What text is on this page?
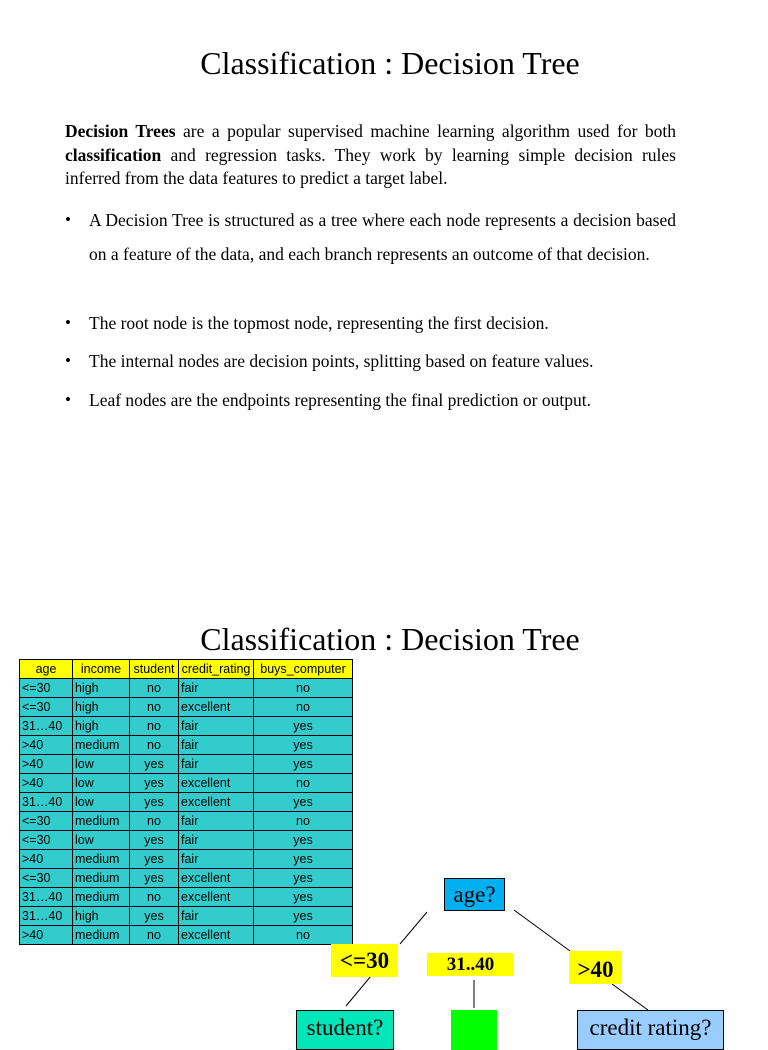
Classification : Decision Tree
Decision Trees are a popular supervised machine learning algorithm used for both classification and regression tasks. They work by learning simple decision rules inferred from the data features to predict a target label.
• A Decision Tree is structured as a tree where each node represents a decision based on a feature of the data, and each branch represents an outcome of that decision.
• The root node is the topmost node, representing the first decision.
• The internal nodes are decision points, splitting based on feature values.
• Leaf nodes are the endpoints representing the final prediction or output.
Classification : Decision Tree
age	income	student	credit_rating	buys_computer
<=30	high	no	fair	no
<=30	high	no	excellent	no
31…40	high	no	fair	yes
>40	medium	no	fair	yes
>40	low	yes	fair	yes
>40	low	yes	excellent	no
31…40	low	yes	excellent	yes
<=30	medium	no	fair	no
<=30	low	yes	fair	yes
>40	medium	yes	fair	yes
<=30	medium	yes	excellent	yes
31…40	medium	no	excellent	yes
31…40	high	yes	fair	yes
>40	medium	no	excellent	no
age?
<=30	31..40	>40
student?	credit rating?
